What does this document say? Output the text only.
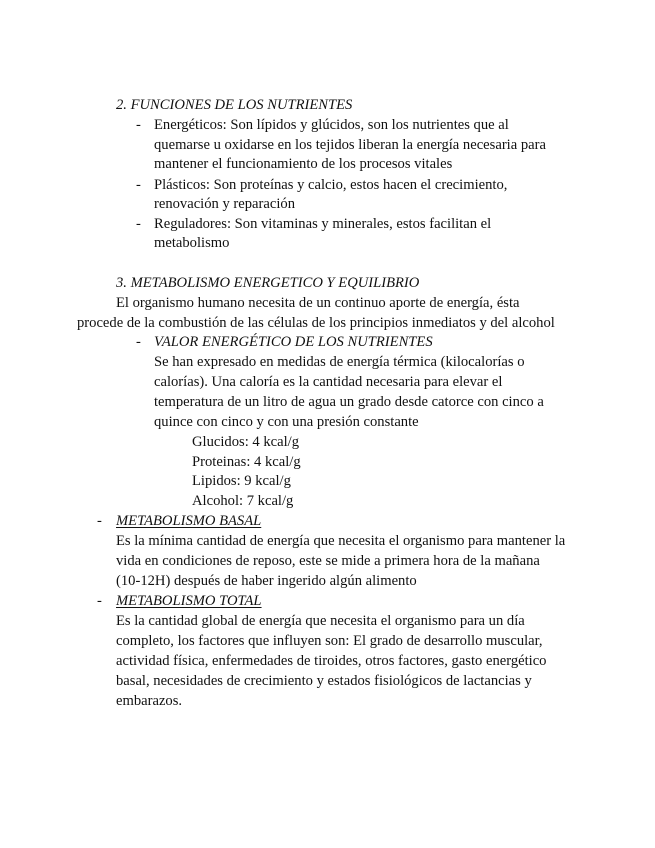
2. FUNCIONES DE LOS NUTRIENTES
- Energéticos: Son lípidos y glúcidos, son los nutrientes que al
quemarse u oxidarse en los tejidos liberan la energía necesaria para
mantener el funcionamiento de los procesos vitales
- Plásticos: Son proteínas y calcio, estos hacen el crecimiento,
renovación y reparación
- Reguladores: Son vitaminas y minerales, estos facilitan el
metabolismo
3. METABOLISMO ENERGETICO Y EQUILIBRIO
El organismo humano necesita de un continuo aporte de energía, ésta
procede de la combustión de las células de los principios inmediatos y del alcohol
- VALOR ENERGÉTICO DE LOS NUTRIENTES
Se han expresado en medidas de energía térmica (kilocalorías o
calorías). Una caloría es la cantidad necesaria para elevar el
temperatura de un litro de agua un grado desde catorce con cinco a
quince con cinco y con una presión constante
Glucidos: 4 kcal/g
Proteinas: 4 kcal/g
Lipidos: 9 kcal/g
Alcohol: 7 kcal/g
- METABOLISMO BASAL
Es la mínima cantidad de energía que necesita el organismo para mantener la
vida en condiciones de reposo, este se mide a primera hora de la mañana
(10-12H) después de haber ingerido algún alimento
- METABOLISMO TOTAL
Es la cantidad global de energía que necesita el organismo para un día
completo, los factores que influyen son: El grado de desarrollo muscular,
actividad física, enfermedades de tiroides, otros factores, gasto energético
basal, necesidades de crecimiento y estados fisiológicos de lactancias y
embarazos.
